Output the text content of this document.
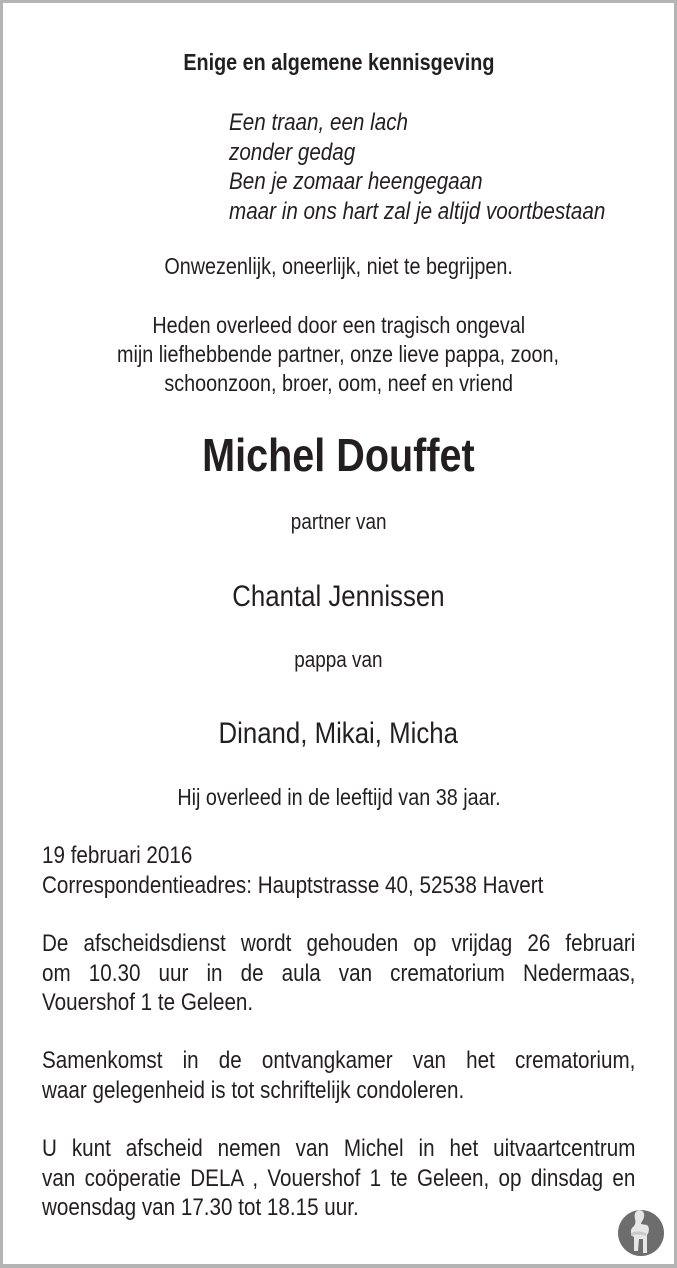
Enige en algemene kennisgeving
Een traan, een lach
zonder gedag
Ben je zomaar heengegaan
maar in ons hart zal je altijd voortbestaan
Onwezenlijk, oneerlijk, niet te begrijpen.
Heden overleed door een tragisch ongeval
mijn liefhebbende partner, onze lieve pappa, zoon,
schoonzoon, broer, oom, neef en vriend
Michel Douffet
partner van
Chantal Jennissen
pappa van
Dinand, Mikai, Micha
Hij overleed in de leeftijd van 38 jaar.
19 februari 2016
Correspondentieadres: Hauptstrasse 40, 52538 Havert
De afscheidsdienst wordt gehouden op vrijdag 26 februari
om 10.30 uur in de aula van crematorium Nedermaas,
Vouershof 1 te Geleen.
Samenkomst in de ontvangkamer van het crematorium,
waar gelegenheid is tot schriftelijk condoleren.
U kunt afscheid nemen van Michel in het uitvaartcentrum
van coöperatie DELA , Vouershof 1 te Geleen, op dinsdag en
woensdag van 17.30 tot 18.15 uur.
